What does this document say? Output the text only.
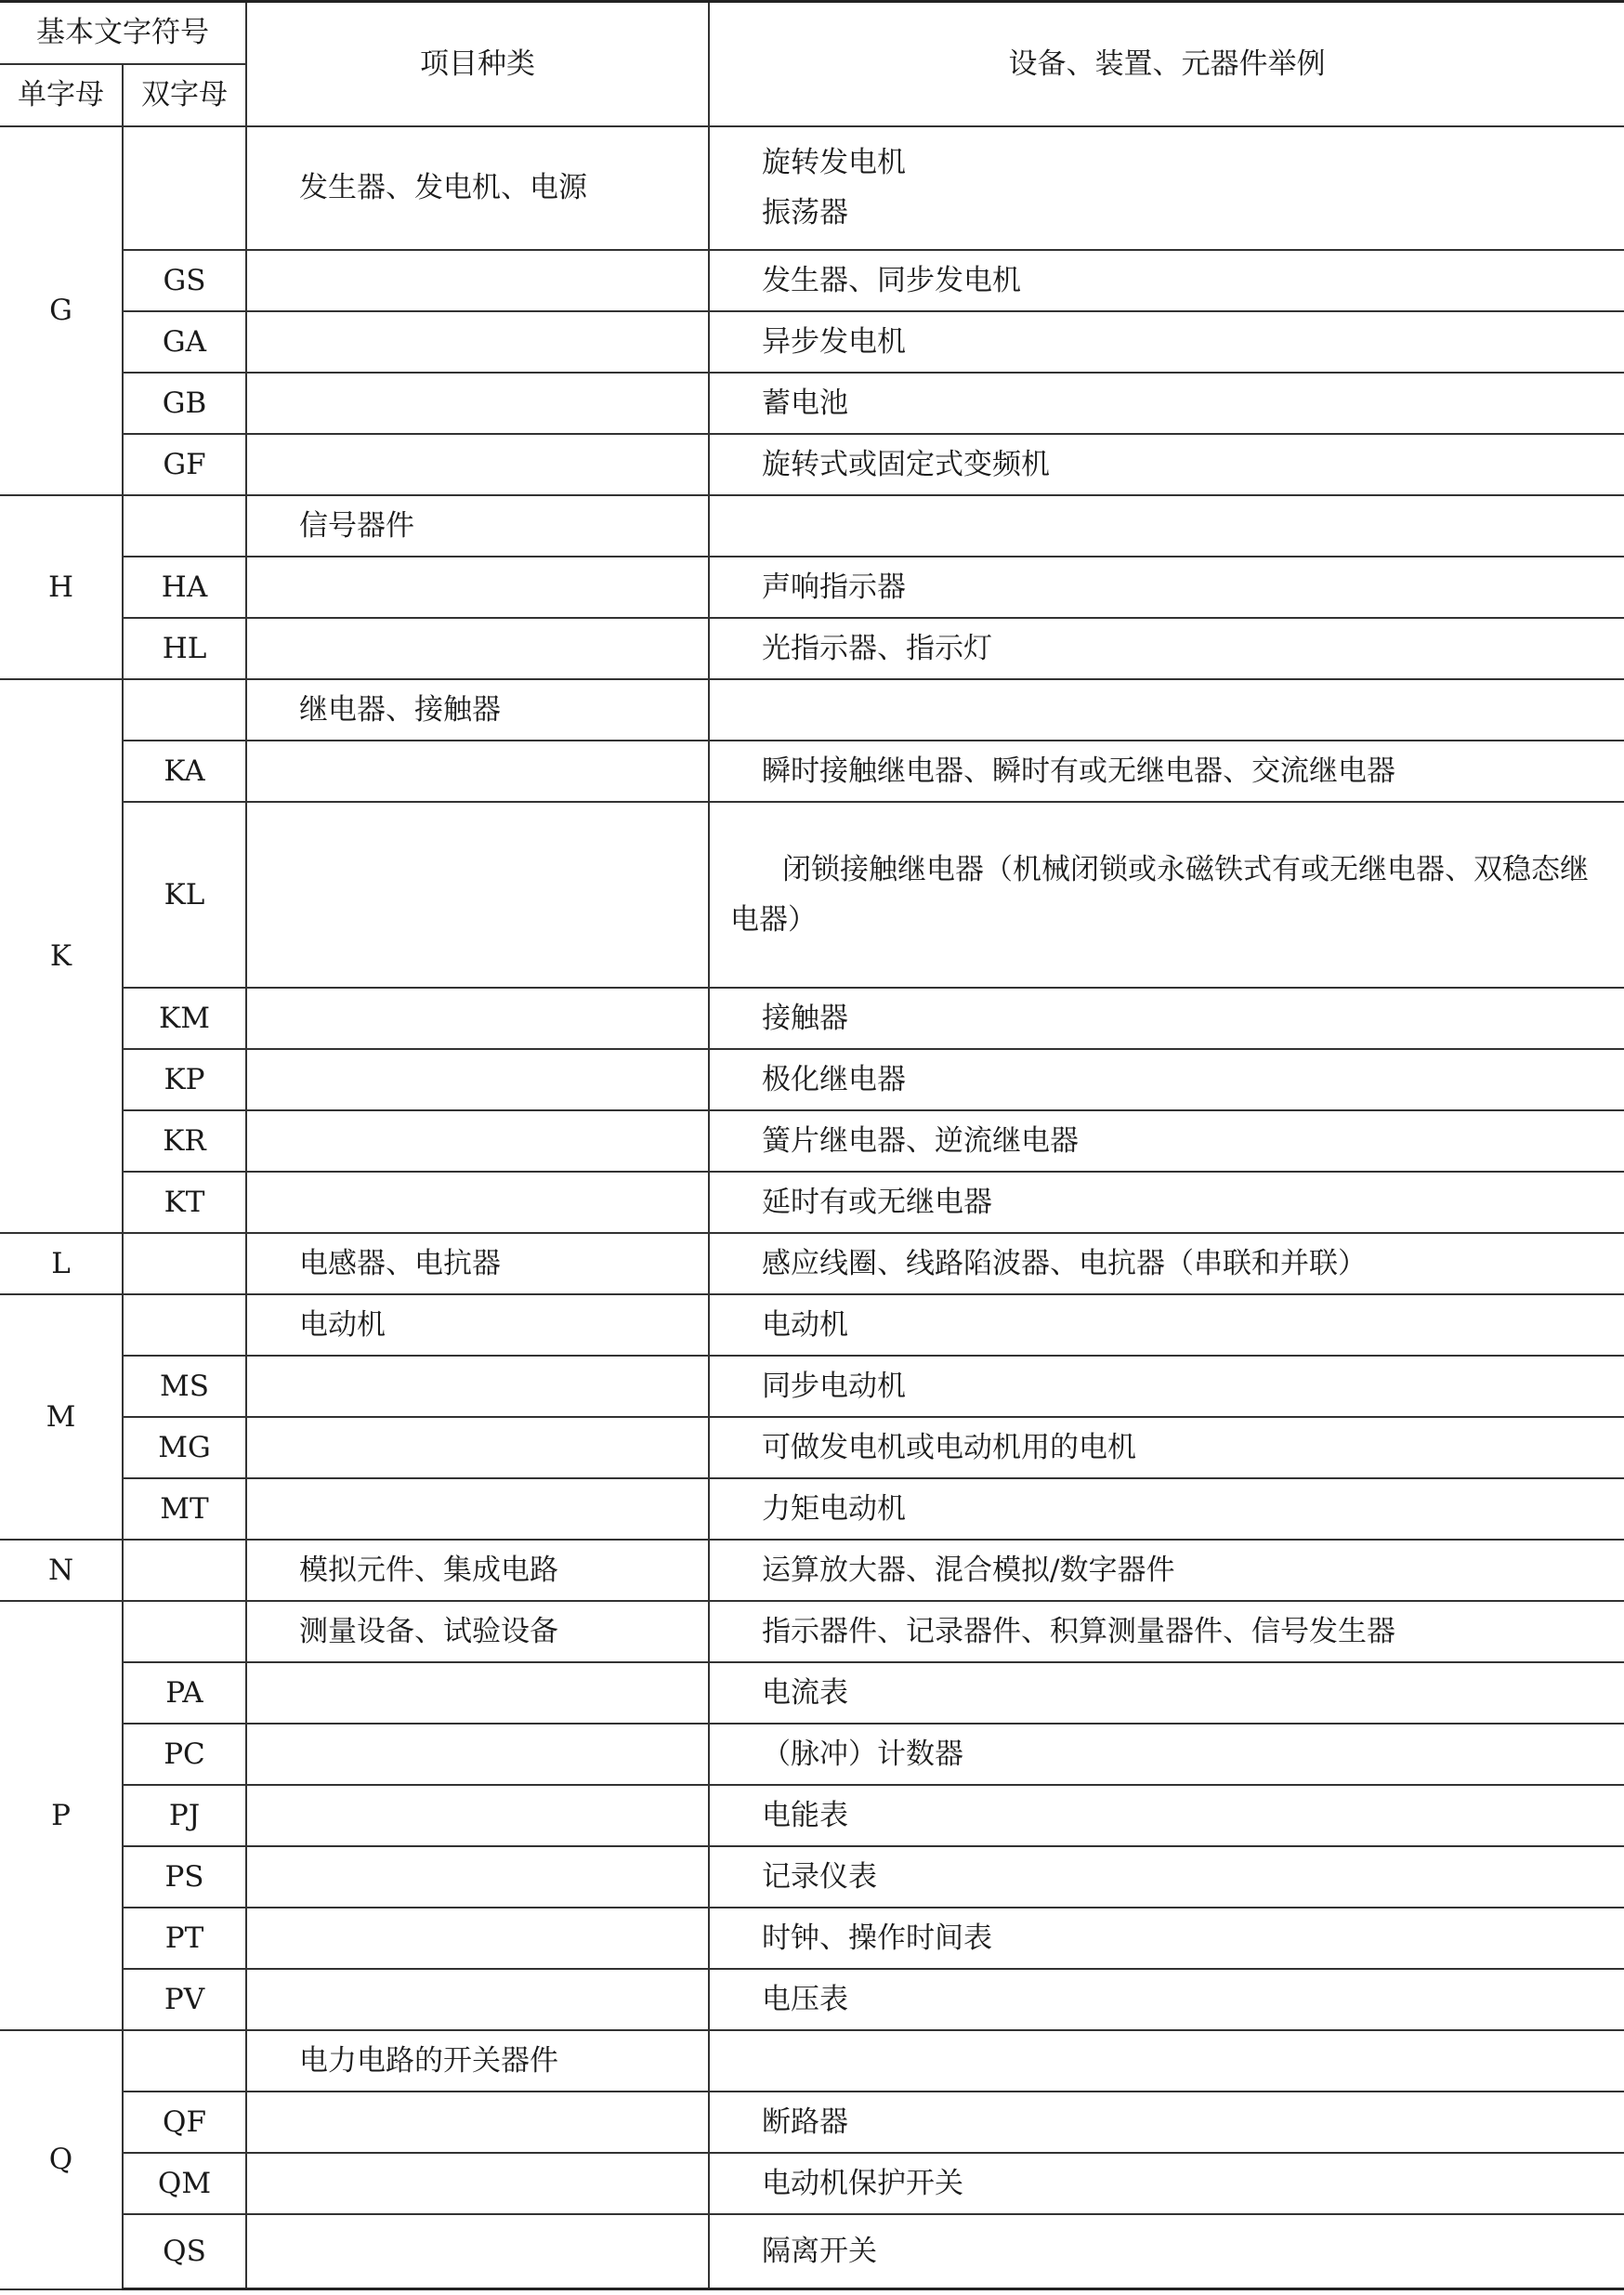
基本文字符号		项目种类	设备、装置、元器件举例
单字母	双字母		
G		发生器、发电机、电源	旋转发电机
振荡器

	GS		发生器、同步发电机
	GA		异步发电机
	GB		蓄电池
	GF		旋转式或固定式变频机
H		信号器件	
	HA		声响指示器
	HL		光指示器、指示灯
K		继电器、接触器	
	KA		瞬时接触继电器、瞬时有或无继电器、交流继电器
	KL		闭锁接触继电器（机械闭锁或永磁铁式有或无继电器、双稳态继电器）
	KM		接触器
	KP		极化继电器
	KR		簧片继电器、逆流继电器
	KT		延时有或无继电器
L		电感器、电抗器	感应线圈、线路陷波器、电抗器（串联和并联）
M		电动机	电动机
	MS		同步电动机
	MG		可做发电机或电动机用的电机
	MT		力矩电动机
N		模拟元件、集成电路	运算放大器、混合模拟/数字器件
P		测量设备、试验设备	指示器件、记录器件、积算测量器件、信号发生器
	PA		电流表
	PC		（脉冲）计数器
	PJ		电能表
	PS		记录仪表
	PT		时钟、操作时间表
	PV		电压表
Q		电力电路的开关器件	
	QF		断路器
	QM		电动机保护开关
	QS		隔离开关
